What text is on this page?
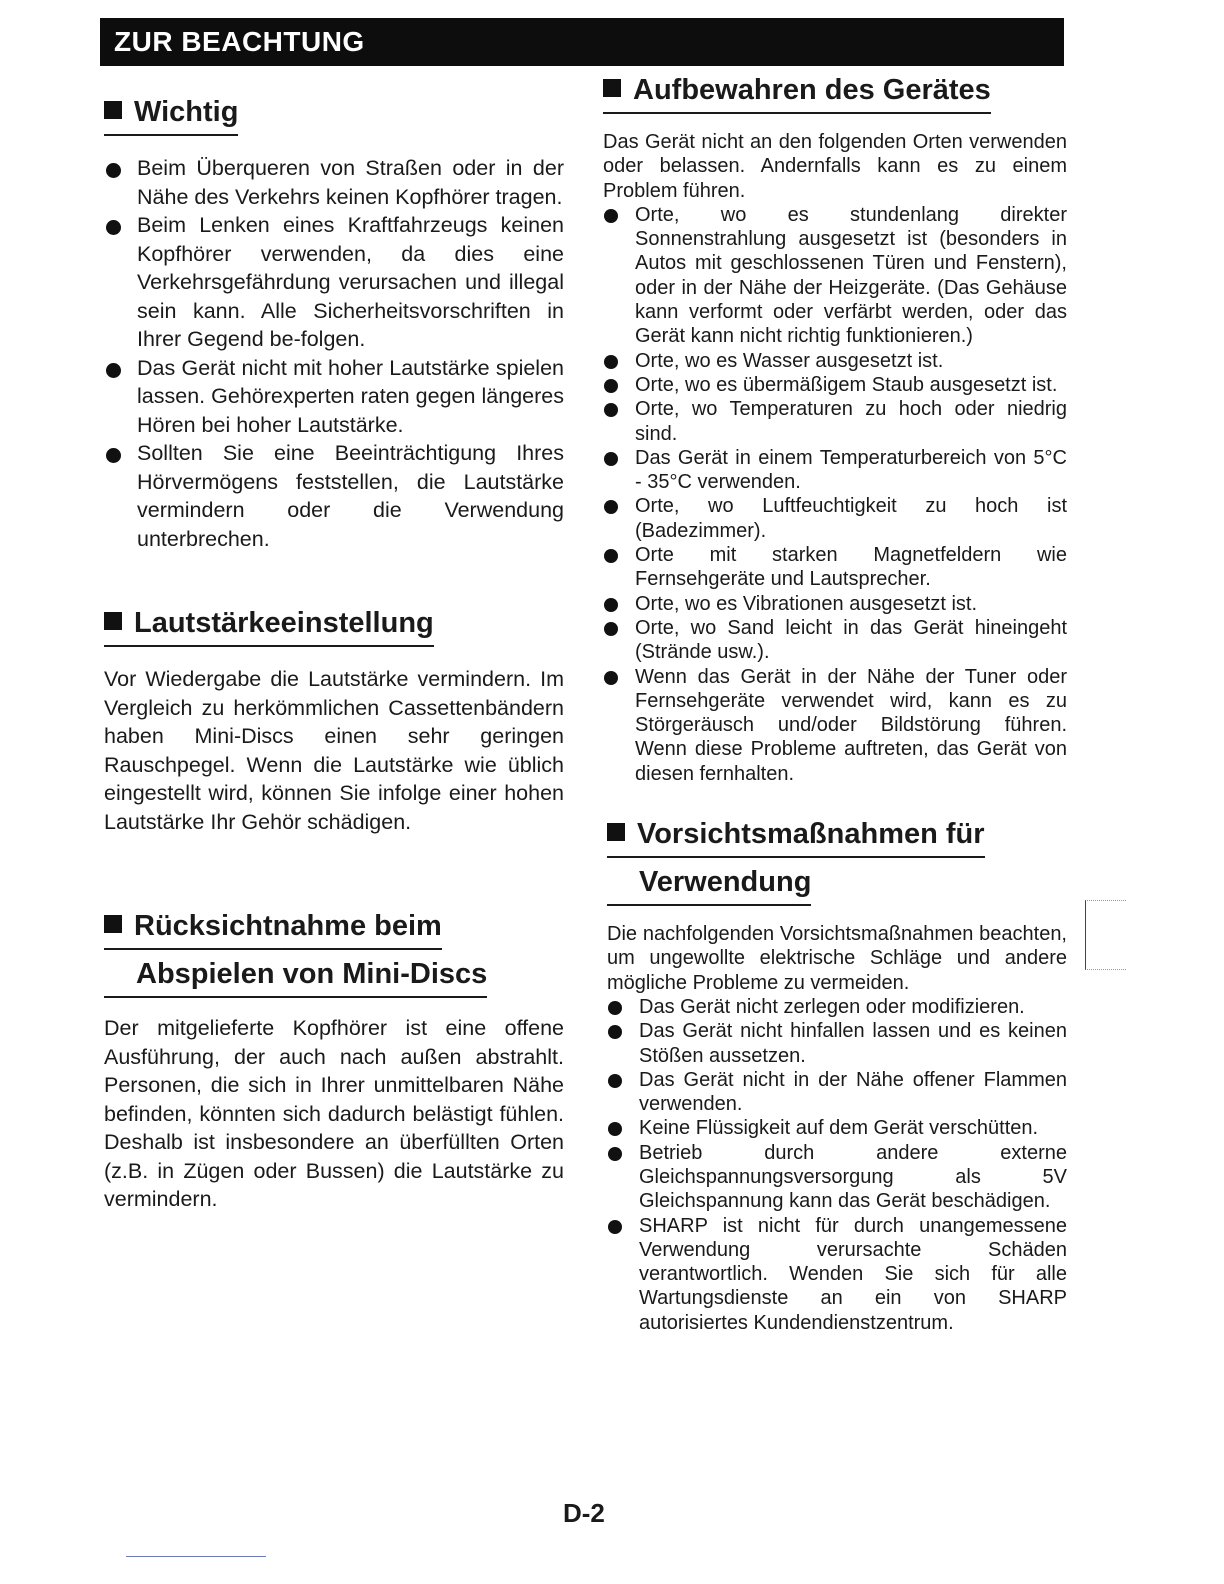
ZUR BEACHTUNG
Wichtig
Beim Überqueren von Straßen oder in der Nähe des Verkehrs keinen Kopfhörer tragen.
Beim Lenken eines Kraftfahrzeugs keinen Kopfhörer verwenden, da dies eine Verkehrsgefährdung verursachen und illegal sein kann. Alle Sicherheitsvorschriften in Ihrer Gegend be-folgen.
Das Gerät nicht mit hoher Lautstärke spielen lassen. Gehörexperten raten gegen längeres Hören bei hoher Lautstärke.
Sollten Sie eine Beeinträchtigung Ihres Hörvermögens feststellen, die Lautstärke vermindern oder die Verwendung unterbrechen.
Lautstärkeeinstellung

Vor Wiedergabe die Lautstärke vermindern. Im Vergleich zu herkömmlichen Cassettenbändern haben Mini-Discs einen sehr geringen Rauschpegel. Wenn die Lautstärke wie üblich eingestellt wird, können Sie infolge einer hohen Lautstärke Ihr Gehör schädigen.

Rücksichtnahme beim
Abspielen von Mini-Discs

Der mitgelieferte Kopfhörer ist eine offene Ausführung, der auch nach außen abstrahlt. Personen, die sich in Ihrer unmittelbaren Nähe befinden, könnten sich dadurch belästigt fühlen. Deshalb ist insbesondere an überfüllten Orten (z.B. in Zügen oder Bussen) die Lautstärke zu vermindern.

Aufbewahren des Gerätes

Das Gerät nicht an den folgenden Orten verwenden oder belassen. Andernfalls kann es zu einem Problem führen.

Orte, wo es stundenlang direkter Sonnenstrahlung ausgesetzt ist (besonders in Autos mit geschlossenen Türen und Fenstern), oder in der Nähe der Heizgeräte. (Das Gehäuse kann verformt oder verfärbt werden, oder das Gerät kann nicht richtig funktionieren.)
Orte, wo es Wasser ausgesetzt ist.
Orte, wo es übermäßigem Staub ausgesetzt ist.
Orte, wo Temperaturen zu hoch oder niedrig sind.
Das Gerät in einem Temperaturbereich von 5°C - 35°C verwenden.
Orte, wo Luftfeuchtigkeit zu hoch ist (Badezimmer).
Orte mit starken Magnetfeldern wie Fernsehgeräte und Lautsprecher.
Orte, wo es Vibrationen ausgesetzt ist.
Orte, wo Sand leicht in das Gerät hineingeht (Strände usw.).
Wenn das Gerät in der Nähe der Tuner oder Fernsehgeräte verwendet wird, kann es zu Störgeräusch und/oder Bildstörung führen. Wenn diese Probleme auftreten, das Gerät von diesen fernhalten.
Vorsichtsmaßnahmen für
Verwendung

Die nachfolgenden Vorsichtsmaßnahmen beachten, um ungewollte elektrische Schläge und andere mögliche Probleme zu vermeiden.

Das Gerät nicht zerlegen oder modifizieren.
Das Gerät nicht hinfallen lassen und es keinen Stößen aussetzen.
Das Gerät nicht in der Nähe offener Flammen verwenden.
Keine Flüssigkeit auf dem Gerät verschütten.
Betrieb durch andere externe Gleichspannungsversorgung als 5V Gleichspannung kann das Gerät beschädigen.
SHARP ist nicht für durch unangemessene Verwendung verursachte Schäden verantwortlich. Wenden Sie sich für alle Wartungsdienste an ein von SHARP autorisiertes Kundendienstzentrum.
D-2
